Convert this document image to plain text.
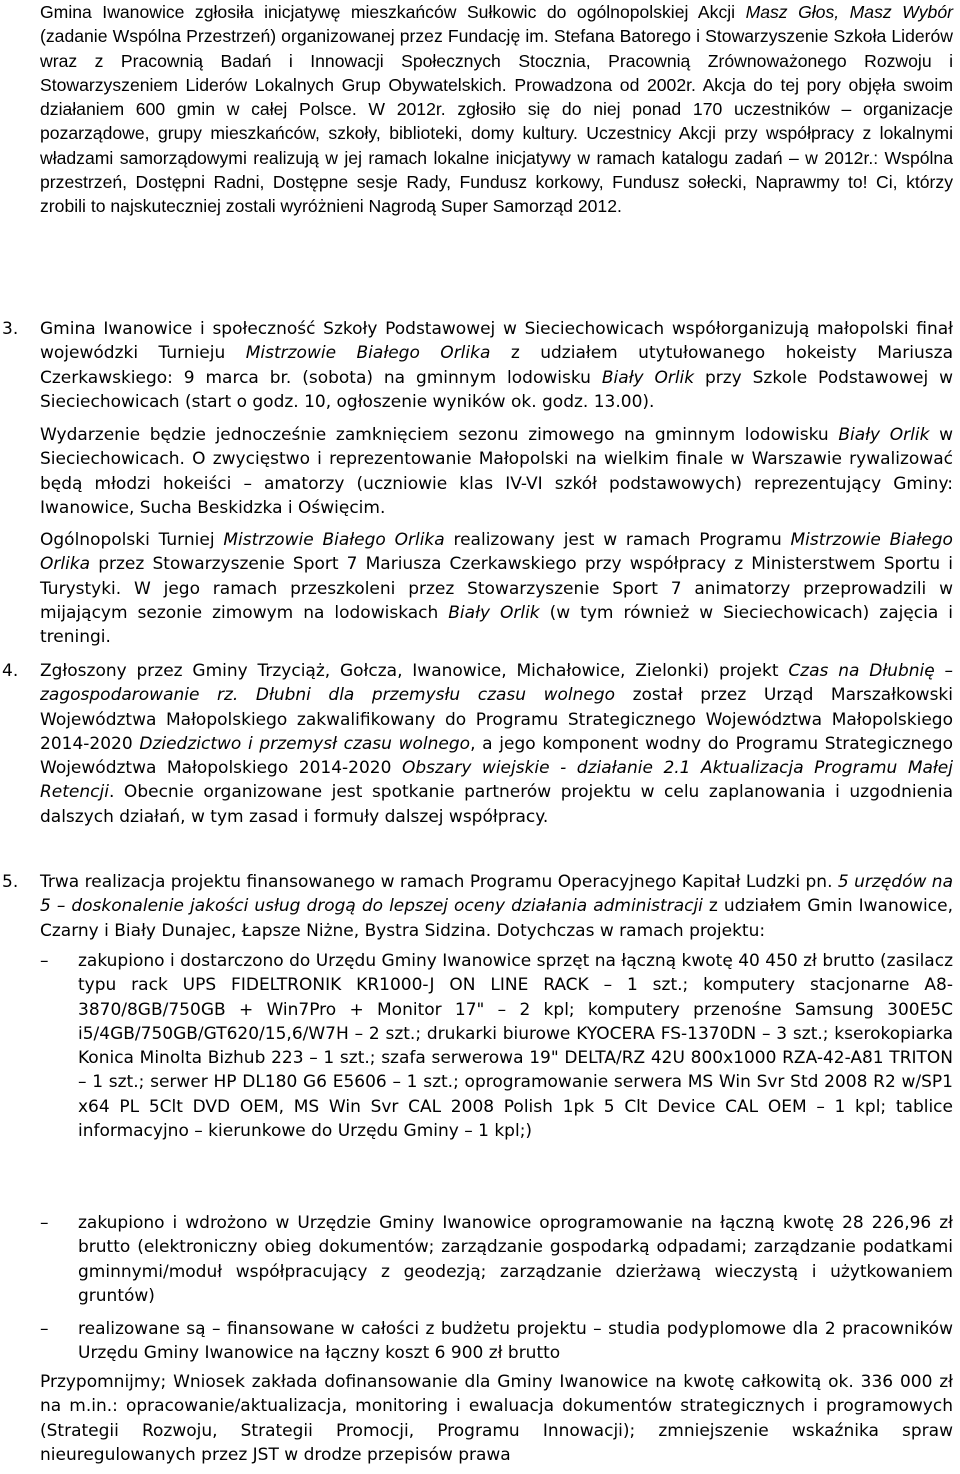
Gmina Iwanowice zgłosiła inicjatywę mieszkańców Sułkowic do ogólnopolskiej Akcji Masz Głos, Masz Wybór (zadanie Wspólna Przestrzeń) organizowanej przez Fundację im. Stefana Batorego i Stowarzyszenie Szkoła Liderów wraz z Pracownią Badań i Innowacji Społecznych Stocznia, Pracownią Zrównoważonego Rozwoju i Stowarzyszeniem Liderów Lokalnych Grup Obywatelskich. Prowadzona od 2002r. Akcja do tej pory objęła swoim działaniem 600 gmin w całej Polsce. W 2012r. zgłosiło się do niej ponad 170 uczestników – organizacje pozarządowe, grupy mieszkańców, szkoły, biblioteki, domy kultury. Uczestnicy Akcji przy współpracy z lokalnymi władzami samorządowymi realizują w jej ramach lokalne inicjatywy w ramach katalogu zadań – w 2012r.: Wspólna przestrzeń, Dostępni Radni, Dostępne sesje Rady, Fundusz korkowy, Fundusz sołecki, Naprawmy to! Ci, którzy zrobili to najskuteczniej zostali wyróżnieni Nagrodą Super Samorząd 2012.
3.	Gmina Iwanowice i społeczność Szkoły Podstawowej w Sieciechowicach współorganizują małopolski finał wojewódzki Turnieju Mistrzowie Białego Orlika z udziałem utytułowanego hokeisty Mariusza Czerkawskiego: 9 marca br. (sobota) na gminnym lodowisku Biały Orlik przy Szkole Podstawowej w Sieciechowicach (start o godz. 10, ogłoszenie wyników ok. godz. 13.00).
Wydarzenie będzie jednocześnie zamknięciem sezonu zimowego na gminnym lodowisku Biały Orlik w Sieciechowicach. O zwycięstwo i reprezentowanie Małopolski na wielkim finale w Warszawie rywalizować będą młodzi hokeiści – amatorzy (uczniowie klas IV-VI szkół podstawowych) reprezentujący Gminy: Iwanowice, Sucha Beskidzka i Oświęcim.
Ogólnopolski Turniej Mistrzowie Białego Orlika realizowany jest w ramach Programu Mistrzowie Białego Orlika przez Stowarzyszenie Sport 7 Mariusza Czerkawskiego przy współpracy z Ministerstwem Sportu i Turystyki. W jego ramach przeszkoleni przez Stowarzyszenie Sport 7 animatorzy przeprowadzili w mijającym sezonie zimowym na lodowiskach Biały Orlik (w tym również w Sieciechowicach) zajęcia i treningi.
4.	Zgłoszony przez Gminy Trzyciąż, Gołcza, Iwanowice, Michałowice, Zielonki) projekt Czas na Dłubnię – zagospodarowanie rz. Dłubni dla przemysłu czasu wolnego został przez Urząd Marszałkowski Województwa Małopolskiego zakwalifikowany do Programu Strategicznego Województwa Małopolskiego 2014-2020 Dziedzictwo i przemysł czasu wolnego, a jego komponent wodny do Programu Strategicznego Województwa Małopolskiego 2014-2020 Obszary wiejskie - działanie 2.1 Aktualizacja Programu Małej Retencji. Obecnie organizowane jest spotkanie partnerów projektu w celu zaplanowania i uzgodnienia dalszych działań, w tym zasad i formuły dalszej współpracy.
5.	Trwa realizacja projektu finansowanego w ramach Programu Operacyjnego Kapitał Ludzki pn. 5 urzędów na 5 – doskonalenie jakości usług drogą do lepszej oceny działania administracji z udziałem Gmin Iwanowice, Czarny i Biały Dunajec, Łapsze Niżne, Bystra Sidzina. Dotychczas w ramach projektu:
–	zakupiono i dostarczono do Urzędu Gminy Iwanowice sprzęt na łączną kwotę 40 450 zł brutto (zasilacz typu rack UPS FIDELTRONIK KR1000-J ON LINE RACK – 1 szt.; komputery stacjonarne A8-3870/8GB/750GB + Win7Pro + Monitor 17" – 2 kpl; komputery przenośne Samsung 300E5C i5/4GB/750GB/GT620/15,6/W7H – 2 szt.; drukarki biurowe KYOCERA FS-1370DN – 3 szt.; kserokopiarka Konica Minolta Bizhub 223 – 1 szt.; szafa serwerowa 19" DELTA/RZ 42U 800x1000 RZA-42-A81 TRITON – 1 szt.; serwer HP DL180 G6 E5606 – 1 szt.; oprogramowanie serwera MS Win Svr Std 2008 R2 w/SP1 x64 PL 5Clt DVD OEM, MS Win Svr CAL 2008 Polish 1pk 5 Clt Device CAL OEM – 1 kpl; tablice informacyjno – kierunkowe do Urzędu Gminy – 1 kpl;)
–	zakupiono i wdrożono w Urzędzie Gminy Iwanowice oprogramowanie na łączną kwotę 28 226,96 zł brutto (elektroniczny obieg dokumentów; zarządzanie gospodarką odpadami; zarządzanie podatkami gminnymi/moduł współpracujący z geodezją; zarządzanie dzierżawą wieczystą i użytkowaniem gruntów)
–	realizowane są – finansowane w całości z budżetu projektu – studia podyplomowe dla 2 pracowników Urzędu Gminy Iwanowice na łączny koszt 6 900 zł brutto
Przypomnijmy; Wniosek zakłada dofinansowanie dla Gminy Iwanowice na kwotę całkowitą ok. 336 000 zł na m.in.: opracowanie/aktualizacja, monitoring i ewaluacja dokumentów strategicznych i programowych (Strategii Rozwoju, Strategii Promocji, Programu Innowacji); zmniejszenie wskaźnika spraw nieuregulowanych przez JST w drodze przepisów prawa
